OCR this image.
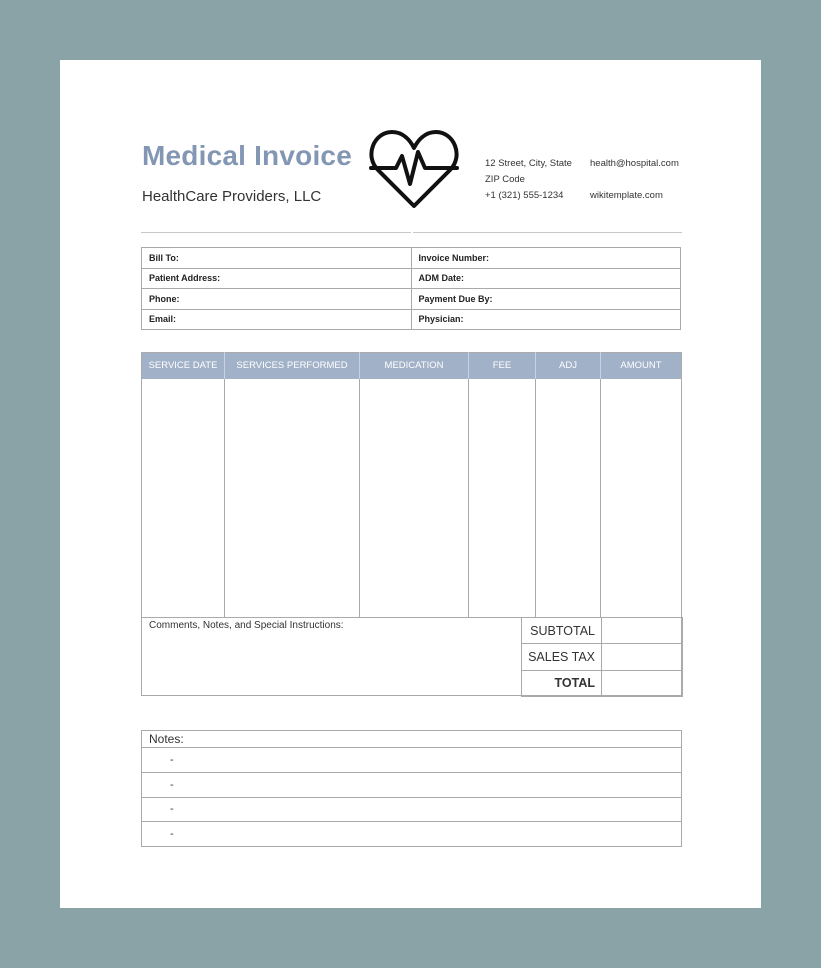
Medical Invoice
HealthCare Providers, LLC
12 Street, City, State
ZIP Code
+1 (321) 555-1234
health@hospital.com

wikitemplate.com
Bill To:	Invoice Number:
Patient Address:	ADM Date:
Phone:	Payment Due By:
Email:	Physician:
SERVICE DATE	SERVICES PERFORMED	MEDICATION	FEE	ADJ	AMOUNT

Comments, Notes, and Special Instructions:	SUBTOTAL	
SALES TAX	
TOTAL	
Notes:
-
-
-
-
